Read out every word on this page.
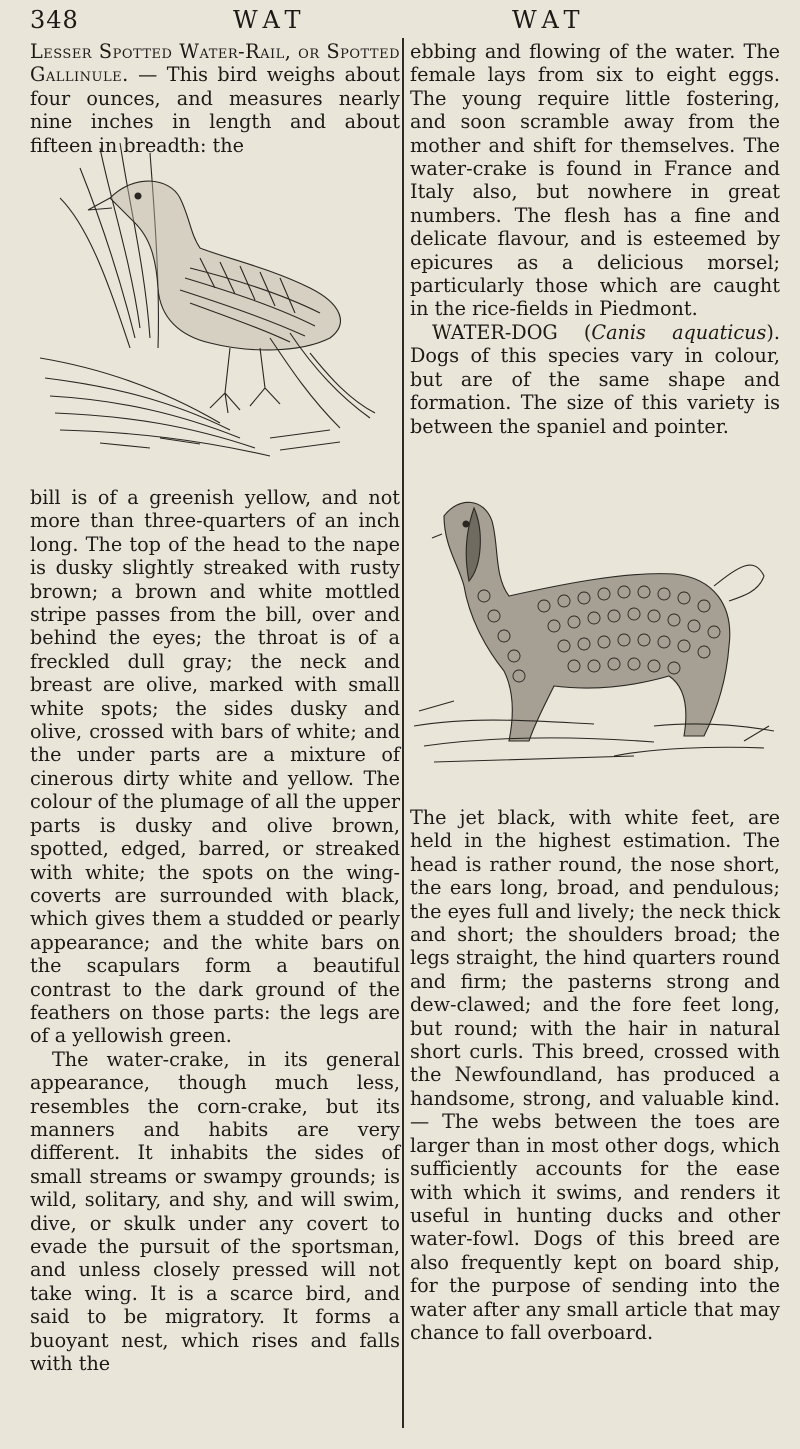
348	WAT	WAT

Lesser Spotted Water-Rail, or Spotted Gallinule. — This bird weighs about four ounces, and measures nearly nine inches in length and about fifteen in breadth: the

bill is of a greenish yellow, and not more than three-quarters of an inch long. The top of the head to the nape is dusky slightly streaked with rusty brown; a brown and white mottled stripe passes from the bill, over and behind the eyes; the throat is of a freckled dull gray; the neck and breast are olive, marked with small white spots; the sides dusky and olive, crossed with bars of white; and the under parts are a mixture of cinerous dirty white and yellow. The colour of the plumage of all the upper parts is dusky and olive brown, spotted, edged, barred, or streaked with white; the spots on the wing-coverts are surrounded with black, which gives them a studded or pearly appearance; and the white bars on the scapulars form a beautiful contrast to the dark ground of the feathers on those parts: the legs are of a yellowish green.

The water-crake, in its general appearance, though much less, resembles the corn-crake, but its manners and habits are very different. It inhabits the sides of small streams or swampy grounds; is wild, solitary, and shy, and will swim, dive, or skulk under any covert to evade the pursuit of the sportsman, and unless closely pressed will not take wing. It is a scarce bird, and said to be migratory. It forms a buoyant nest, which rises and falls with the

ebbing and flowing of the water. The female lays from six to eight eggs. The young require little fostering, and soon scramble away from the mother and shift for themselves. The water-crake is found in France and Italy also, but nowhere in great numbers. The flesh has a fine and delicate flavour, and is esteemed by epicures as a delicious morsel; particularly those which are caught in the rice-fields in Piedmont.

WATER-DOG (Canis aquaticus). Dogs of this species vary in colour, but are of the same shape and formation. The size of this variety is between the spaniel and pointer.

The jet black, with white feet, are held in the highest estimation. The head is rather round, the nose short, the ears long, broad, and pendulous; the eyes full and lively; the neck thick and short; the shoulders broad; the legs straight, the hind quarters round and firm; the pasterns strong and dew-clawed; and the fore feet long, but round; with the hair in natural short curls. This breed, crossed with the Newfoundland, has produced a handsome, strong, and valuable kind. — The webs between the toes are larger than in most other dogs, which sufficiently accounts for the ease with which it swims, and renders it useful in hunting ducks and other water-fowl. Dogs of this breed are also frequently kept on board ship, for the purpose of sending into the water after any small article that may chance to fall overboard.
